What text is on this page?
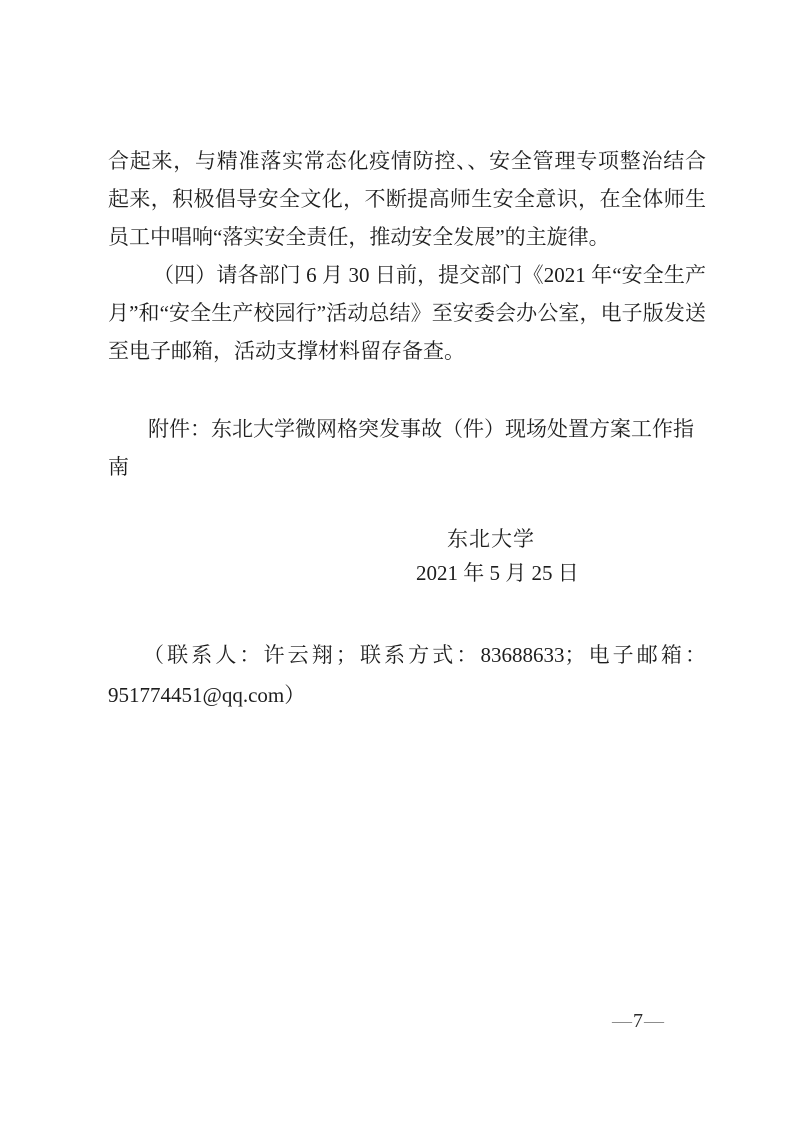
合起来，与精准落实常态化疫情防控、、安全管理专项整治结合起来，积极倡导安全文化，不断提高师生安全意识，在全体师生员工中唱响“落实安全责任，推动安全发展”的主旋律。

（四）请各部门 6 月 30 日前，提交部门《2021 年“安全生产月”和“安全生产校园行”活动总结》至安委会办公室，电子版发送至电子邮箱，活动支撑材料留存备查。

附件：东北大学微网格突发事故（件）现场处置方案工作指南

东北大学
2021 年 5 月 25 日
（联系人：许云翔；联系方式：83688633；电子邮箱：
951774451@qq.com）
—7—
